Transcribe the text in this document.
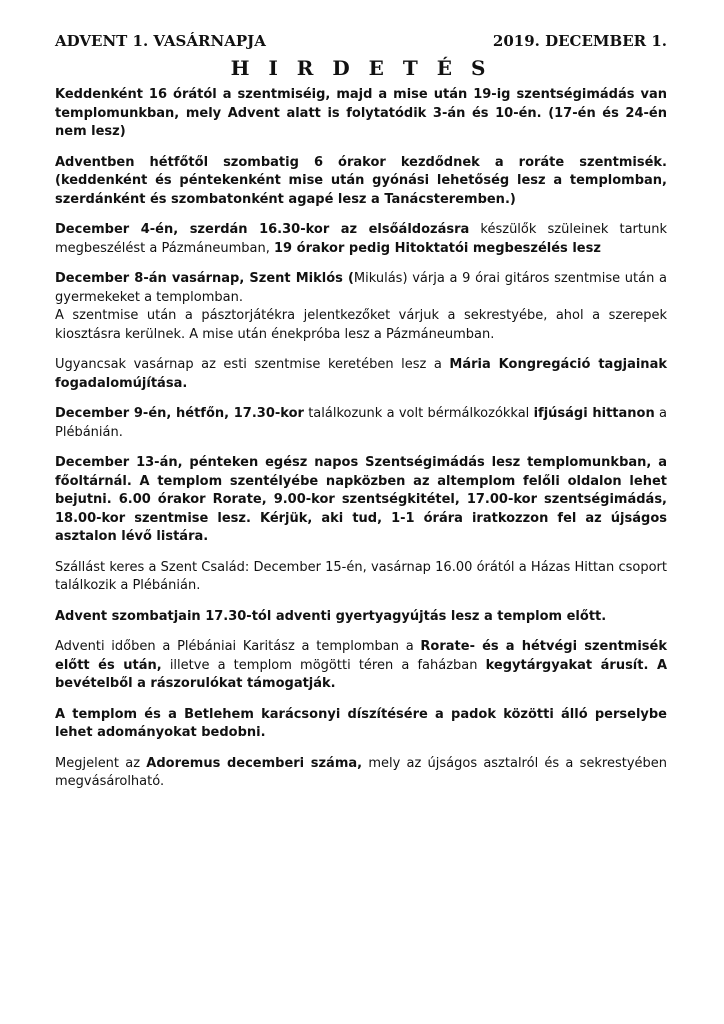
ADVENT 1. VASÁRNAPJA	2019. DECEMBER 1.
H I R D E T É S

Keddenként 16 órától a szentmiséig, majd a mise után 19-ig szentségimádás van templomunkban, mely Advent alatt is folytatódik 3-án és 10-én. (17-én és 24-én nem lesz)

Adventben hétfőtől szombatig 6 órakor kezdődnek a roráte szentmisék. (keddenként és péntekenként mise után gyónási lehetőség lesz a templomban, szerdánként és szombatonként agapé lesz a Tanácsteremben.)

December 4-én, szerdán 16.30-kor az elsőáldozásra készülők szüleinek tartunk megbeszélést a Pázmáneumban, 19 órakor pedig Hitoktatói megbeszélés lesz

December 8-án vasárnap, Szent Miklós (Mikulás) várja a 9 órai gitáros szentmise után a gyermekeket a templomban.

A szentmise után a pásztorjátékra jelentkezőket várjuk a sekrestyébe, ahol a szerepek kiosztásra kerülnek. A mise után énekpróba lesz a Pázmáneumban.

Ugyancsak vasárnap az esti szentmise keretében lesz a Mária Kongregáció tagjainak fogadalomújítása.

December 9-én, hétfőn, 17.30-kor találkozunk a volt bérmálkozókkal ifjúsági hittanon a Plébánián.

December 13-án, pénteken egész napos Szentségimádás lesz templomunkban, a főoltárnál. A templom szentélyébe napközben az altemplom felőli oldalon lehet bejutni. 6.00 órakor Rorate, 9.00-kor szentségkitétel, 17.00-kor szentségimádás, 18.00-kor szentmise lesz. Kérjük, aki tud, 1-1 órára iratkozzon fel az újságos asztalon lévő listára.

Szállást keres a Szent Család: December 15-én, vasárnap 16.00 órától a Házas Hittan csoport találkozik a Plébánián.

Advent szombatjain 17.30-tól adventi gyertyagyújtás lesz a templom előtt.

Adventi időben a Plébániai Karitász a templomban a Rorate- és a hétvégi szentmisék előtt és után, illetve a templom mögötti téren a faházban kegytárgyakat árusít. A bevételből a rászorulókat támogatják.

A templom és a Betlehem karácsonyi díszítésére a padok közötti álló perselybe lehet adományokat bedobni.

Megjelent az Adoremus decemberi száma, mely az újságos asztalról és a sekrestyében megvásárolható.
